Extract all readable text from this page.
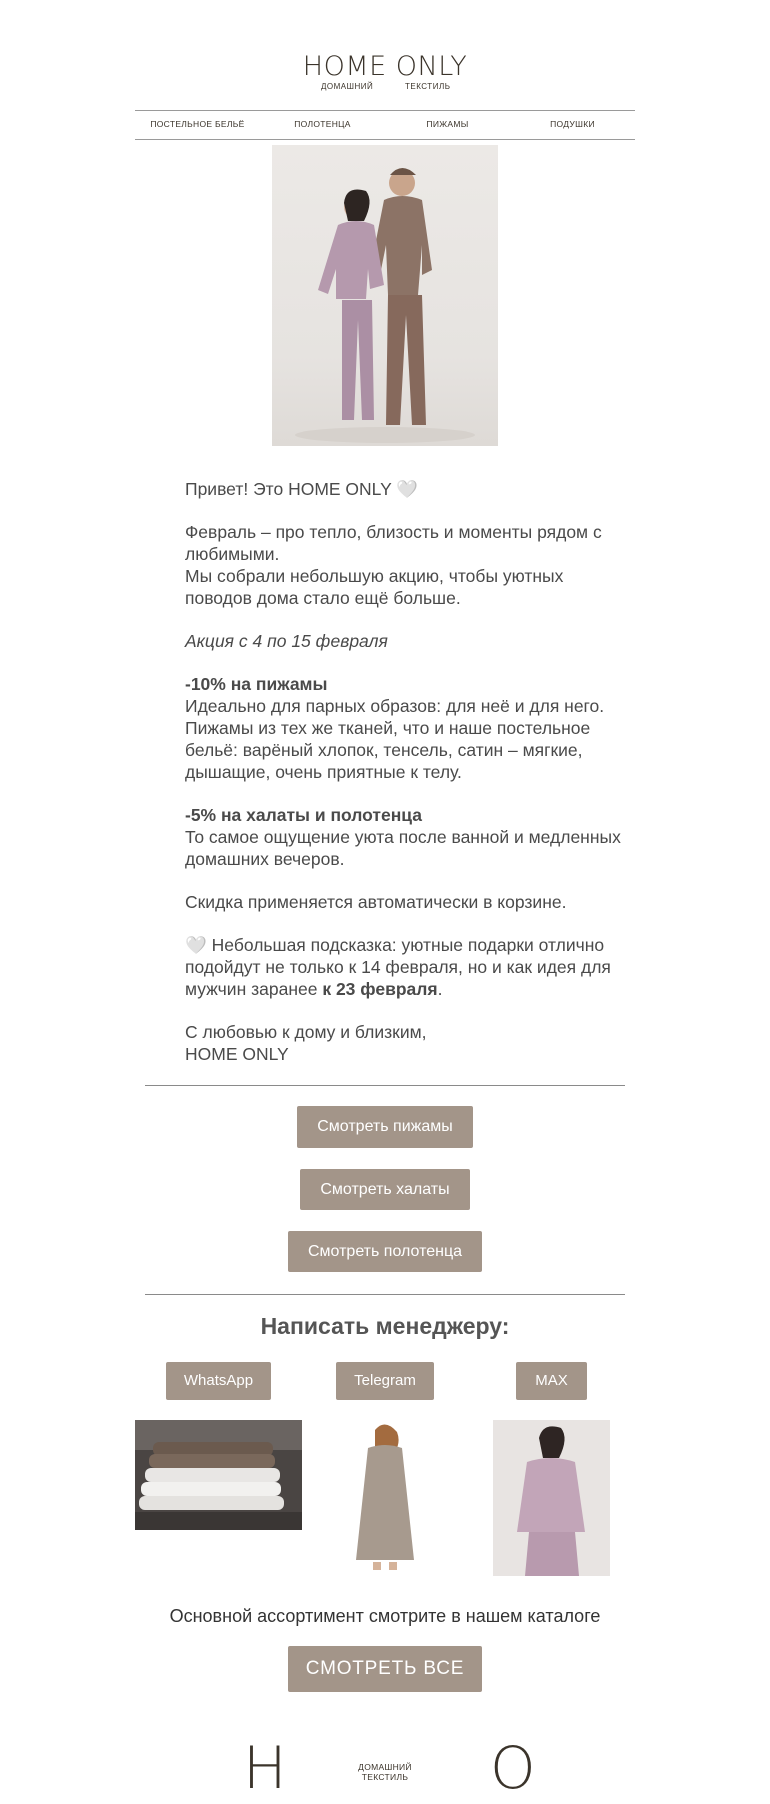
HOME ONLY
ДОМАШНИЙ	ТЕКСТИЛЬ
ПОСТЕЛЬНОЕ БЕЛЬЁ	ПОЛОТЕНЦА	ПИЖАМЫ	ПОДУШКИ

Привет! Это HOME ONLY 🤍

Февраль – про тепло, близость и моменты рядом с любимыми.

Мы собрали небольшую акцию, чтобы уютных поводов дома стало ещё больше.

Акция с 4 по 15 февраля

-10% на пижамы

Идеально для парных образов: для неё и для него. Пижамы из тех же тканей, что и наше постельное бельё: варёный хлопок, тенсель, сатин – мягкие, дышащие, очень приятные к телу.

-5% на халаты и полотенца

То самое ощущение уюта после ванной и медленных домашних вечеров.

Скидка применяется автоматически в корзине.

🤍 Небольшая подсказка: уютные подарки отлично подойдут не только к 14 февраля, но и как идея для мужчин заранее к 23 февраля.

С любовью к дому и близким,

HOME ONLY

Смотреть пижамы
Смотреть халаты
Смотреть полотенца
Написать менеджеру:
WhatsApp	Telegram	MAX
Основной ассортимент смотрите в нашем каталоге
СМОТРЕТЬ ВСЕ
H	ДОМАШНИЙ
ТЕКСТИЛЬ O
